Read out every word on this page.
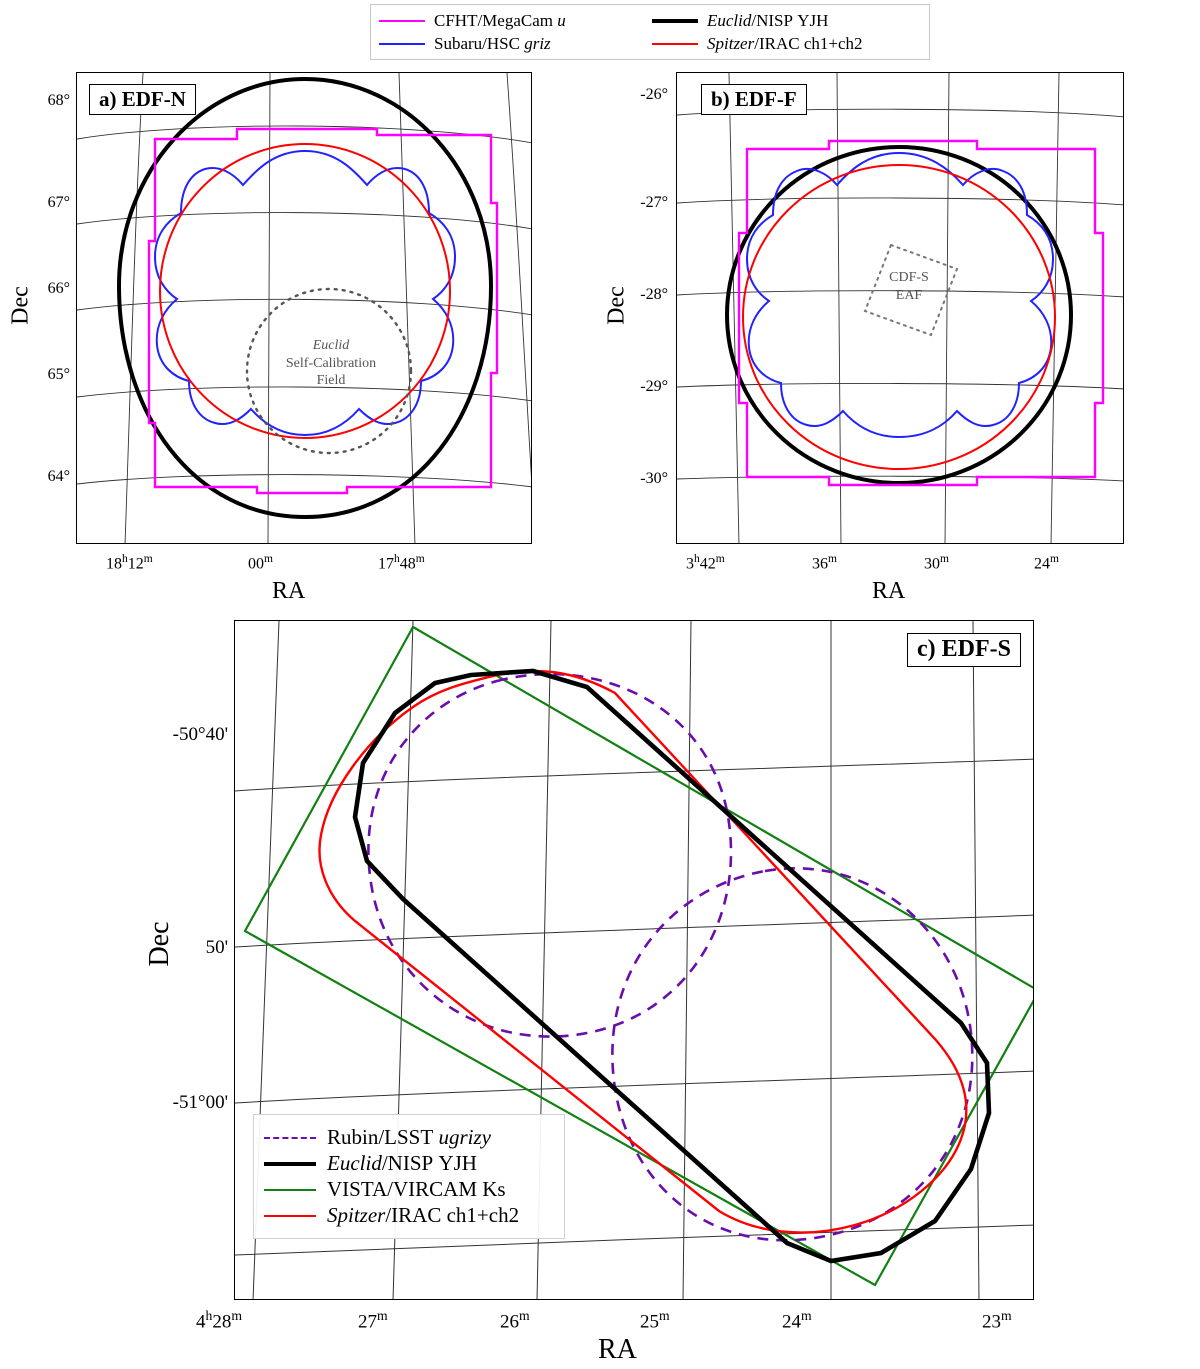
CFHT/MegaCam u	Euclid/NISP YJH
Subaru/HSC griz	Spitzer/IRAC ch1+ch2
a) EDF-N
Euclid
Self-Calibration
Field
68°
67°
66°
65°
64°
18$^h$12$^m$	00$^m$	17$^h$48$^m$
Dec
RA
b) EDF-F
CDF-S
EAF
-26°
-27°
-28°
-29°
-30°
3$^h$42$^m$	36$^m$	30$^m$	24$^m$
Dec
RA
c) EDF-S
Rubin/LSST ugrizy
Euclid/NISP YJH
VISTA/VIRCAM Ks
Spitzer/IRAC ch1+ch2
-50°40'
50'
-51°00'
4$^h$28$^m$	27$^m$	26$^m$	25$^m$	24$^m$	23$^m$
Dec
RA
